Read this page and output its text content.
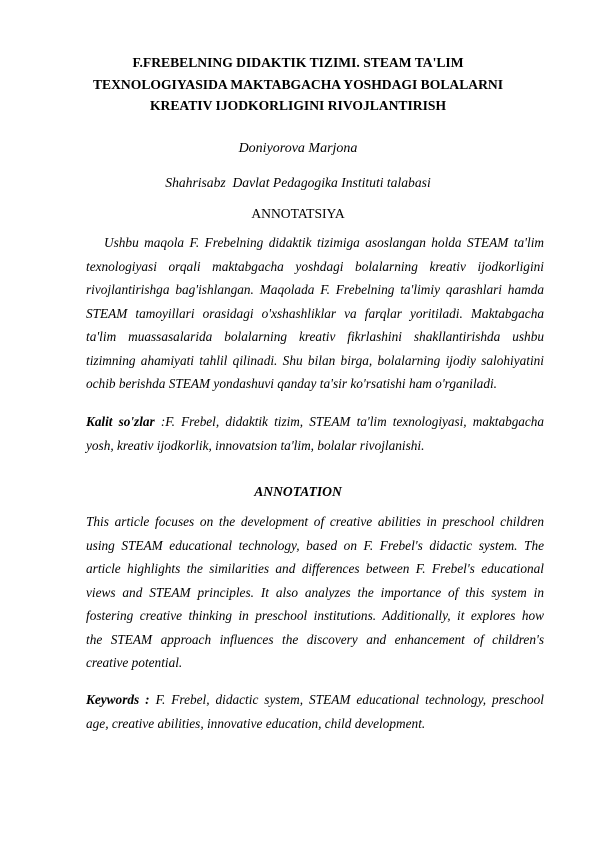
F.FREBELNING DIDAKTIK TIZIMI. STEAM TA'LIM
TEXNOLOGIYASIDA MAKTABGACHA YOSHDAGI BOLALARNI
KREATIV IJODKORLIGINI RIVOJLANTIRISH
Doniyorova Marjona
Shahrisabz  Davlat Pedagogika Instituti talabasi
ANNOTATSIYA
Ushbu maqola F. Frebelning didaktik tizimiga asoslangan holda STEAM ta'lim
texnologiyasi orqali maktabgacha yoshdagi bolalarning kreativ ijodkorligini
rivojlantirishga bag'ishlangan. Maqolada F. Frebelning ta'limiy qarashlari hamda
STEAM tamoyillari orasidagi o'xshashliklar va farqlar yoritiladi. Maktabgacha
ta'lim muassasalarida bolalarning kreativ fikrlashini shakllantirishda ushbu
tizimning ahamiyati tahlil qilinadi. Shu bilan birga, bolalarning ijodiy salohiyatini
ochib berishda STEAM yondashuvi qanday ta'sir ko'rsatishi ham o'rganiladi.
Kalit so'zlar :F. Frebel, didaktik tizim, STEAM ta'lim texnologiyasi, maktabgacha
yosh, kreativ ijodkorlik, innovatsion ta'lim, bolalar rivojlanishi.
ANNOTATION
This article focuses on the development of creative abilities in preschool children
using STEAM educational technology, based on F. Frebel's didactic system. The
article highlights the similarities and differences between F. Frebel's educational
views and STEAM principles. It also analyzes the importance of this system in
fostering creative thinking in preschool institutions. Additionally, it explores how
the STEAM approach influences the discovery and enhancement of children's
creative potential.
Keywords : F. Frebel, didactic system, STEAM educational technology, preschool
age, creative abilities, innovative education, child development.
